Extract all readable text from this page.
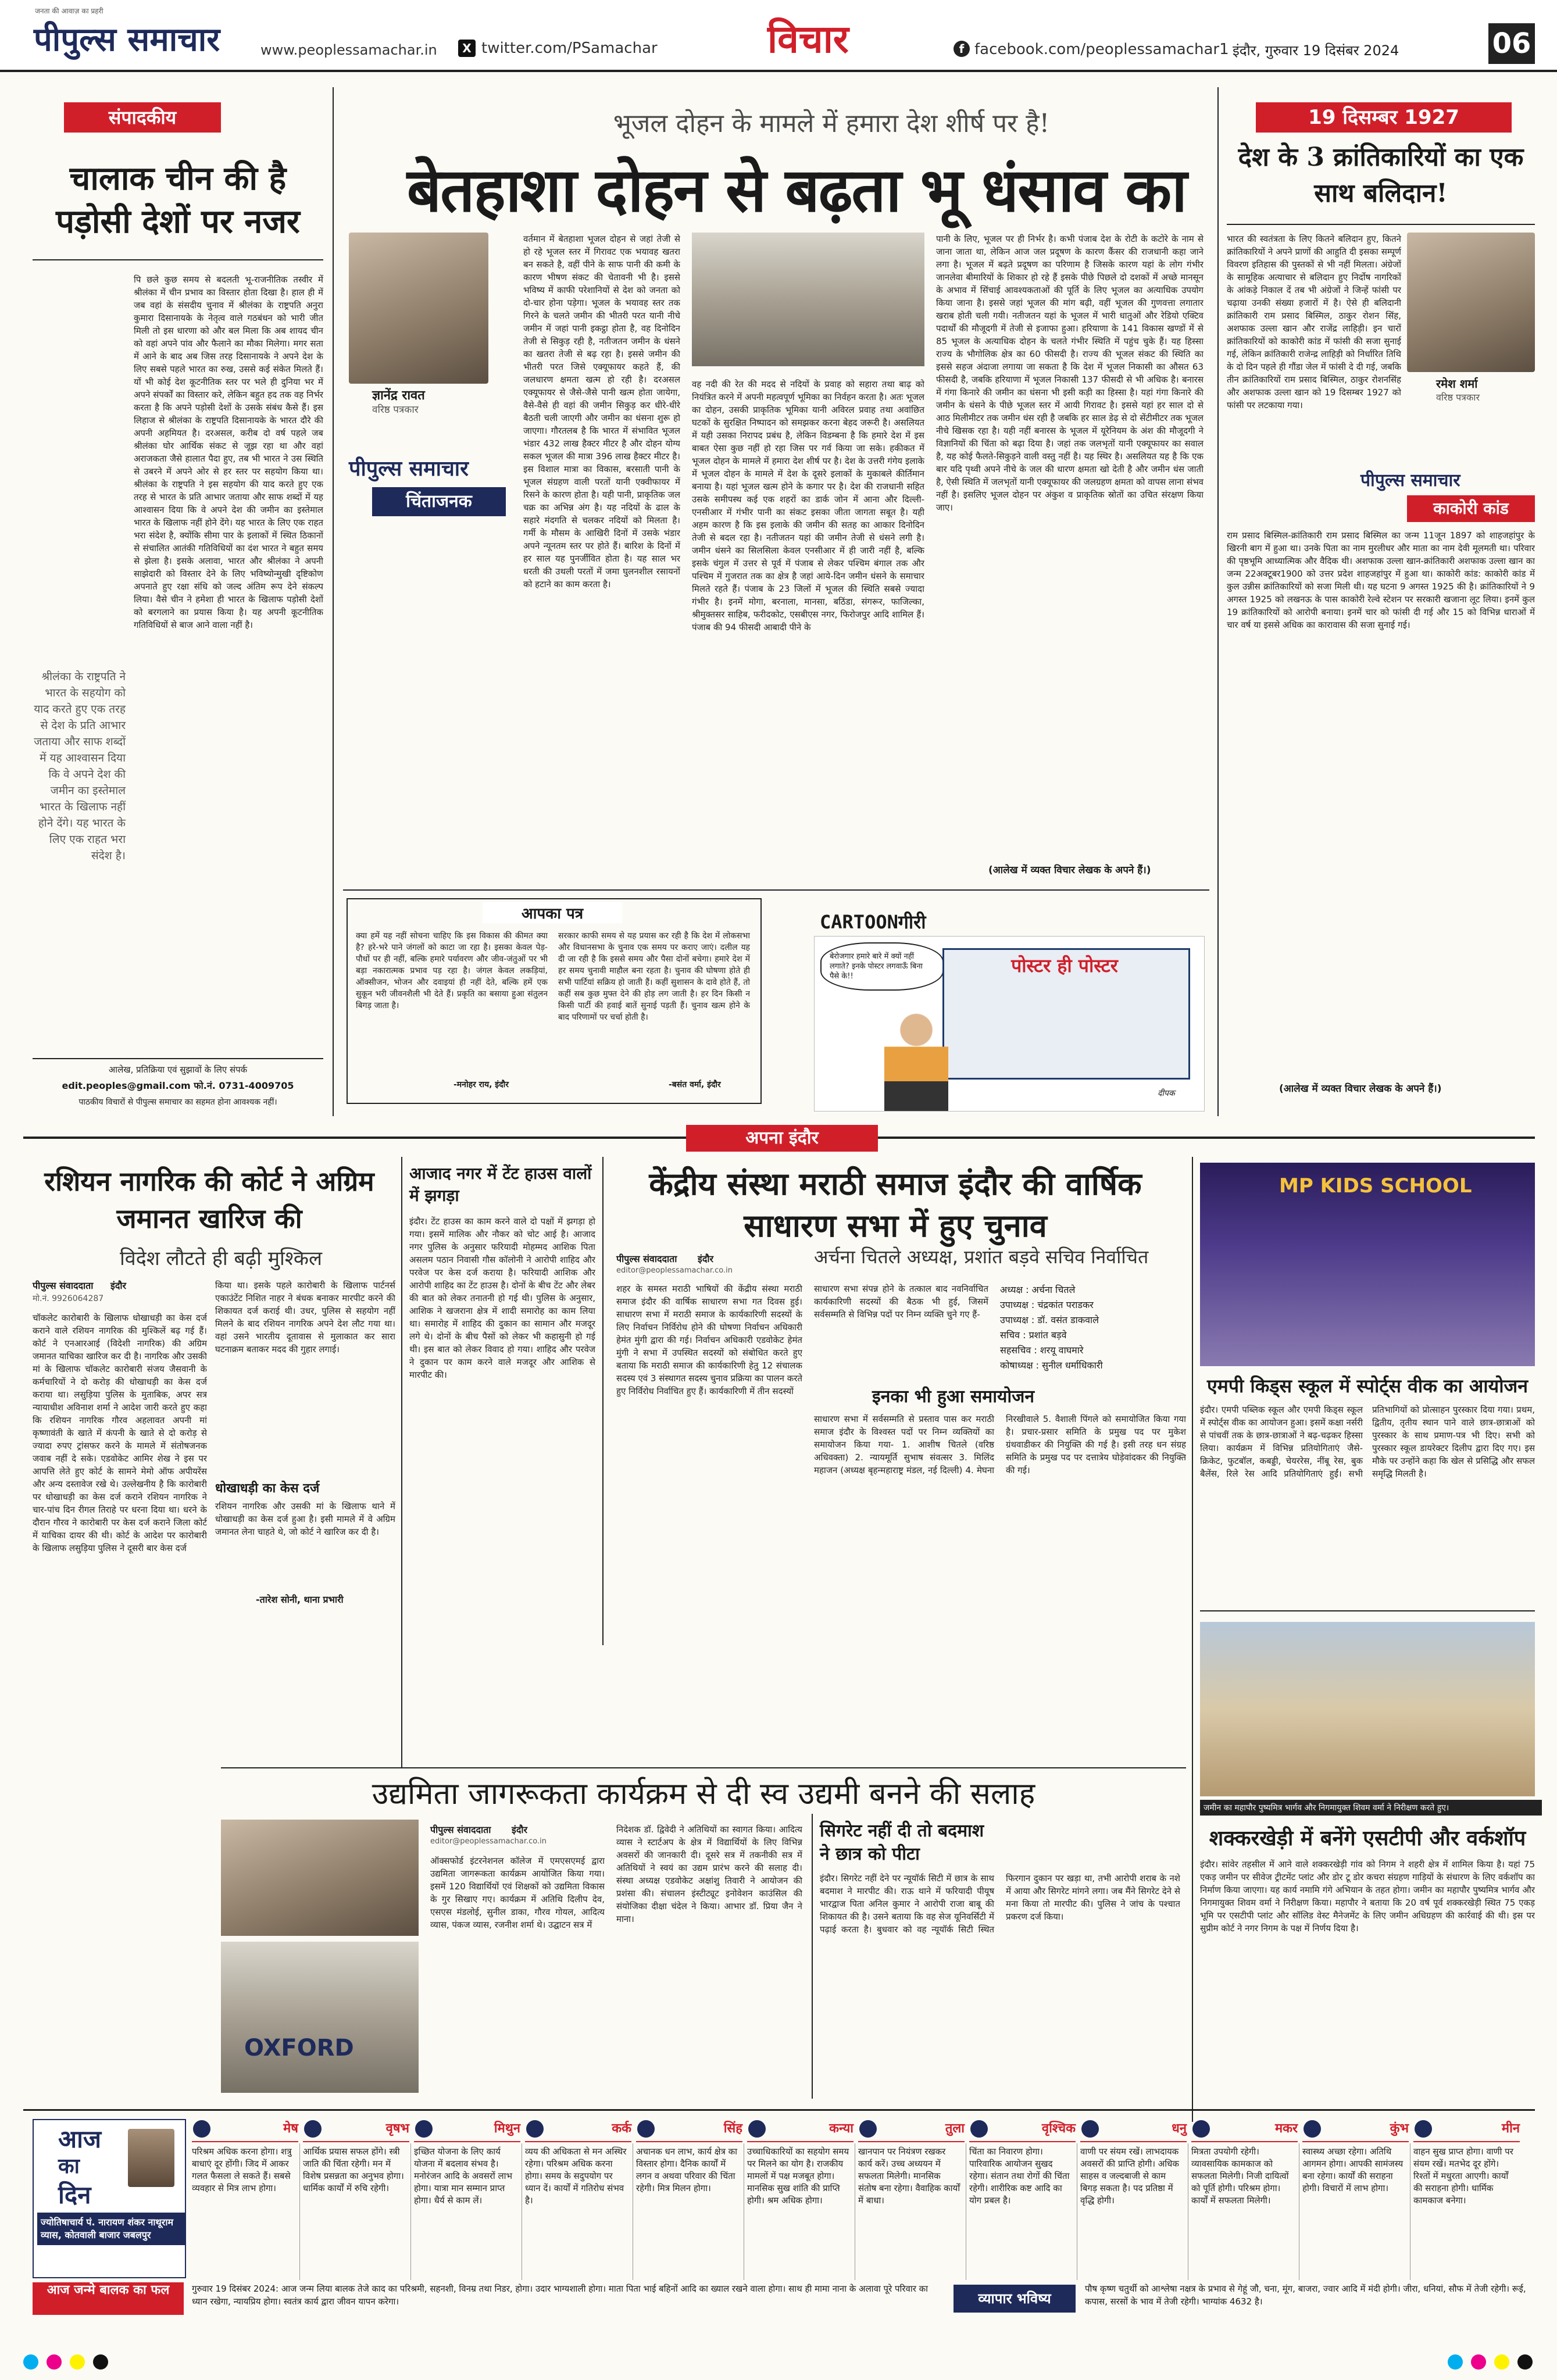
जनता की आवाज़ का प्रहरी
पीपुल्स समाचार	www.peoplessamachar.in	X twitter.com/PSamachar	विचार	f facebook.com/peoplessamachar1 इंदौर, गुरुवार 19 दिसंबर 2024	06
संपादकीय
चालाक चीन की है पड़ोसी देशों पर नजर
पि छले कुछ समय से बदलती भू-राजनीतिक तस्वीर में श्रीलंका में चीन प्रभाव का विस्तार होता दिखा है। हाल ही में जब वहां के संसदीय चुनाव में श्रीलंका के राष्ट्रपति अनुरा कुमारा दिसानायके के नेतृत्व वाले गठबंधन को भारी जीत मिली तो इस धारणा को और बल मिला कि अब शायद चीन को वहां अपने पांव और फैलाने का मौका मिलेगा। मगर सता में आने के बाद अब जिस तरह दिसानायके ने अपने देश के लिए सबसे पहले भारत का रुख, उससे कई संकेत मिलते हैं। यों भी कोई देश कूटनीतिक स्तर पर भले ही दुनिया भर में अपने संपर्कों का विस्तार करे, लेकिन बहुत हद तक वह निर्भर करता है कि अपने पड़ोसी देशों के उसके संबंध कैसे हैं। इस लिहाज से श्रीलंका के राष्ट्रपति दिसानायके के भारत दौरे की अपनी अहमियत है। दरअसल, करीब दो वर्ष पहले जब श्रीलंका घोर आर्थिक संकट से जूझ रहा था और वहां अराजकता जैसे हालात पैदा हुए, तब भी भारत ने उस स्थिति से उबरने में अपने ओर से हर स्तर पर सहयोग किया था। श्रीलंका के राष्ट्रपति ने इस सहयोग की याद करते हुए एक तरह से भारत के प्रति आभार जताया और साफ शब्दों में यह आश्वासन दिया कि वे अपने देश की जमीन का इस्तेमाल भारत के खिलाफ नहीं होने देंगे। यह भारत के लिए एक राहत भरा संदेश है, क्योंकि सीमा पार के इलाकों में स्थित ठिकानों से संचालित आतंकी गतिविधियों का दंश भारत ने बहुत समय से झेला है। इसके अलावा, भारत और श्रीलंका ने अपनी साझेदारी को विस्तार देने के लिए भविष्योन्मुखी दृष्टिकोण अपनाते हुए रक्षा संधि को जल्द अंतिम रूप देने संकल्प लिया। वैसे चीन ने हमेशा ही भारत के खिलाफ पड़ोसी देशों को बरगलाने का प्रयास किया है। यह अपनी कूटनीतिक गतिविधियों से बाज आने वाला नहीं है।
श्रीलंका के राष्ट्रपति ने भारत के सहयोग को याद करते हुए एक तरह से देश के प्रति आभार जताया और साफ शब्दों में यह आश्वासन दिया कि वे अपने देश की जमीन का इस्तेमाल भारत के खिलाफ नहीं होने देंगे। यह भारत के लिए एक राहत भरा संदेश है।
आलेख, प्रतिक्रिया एवं सुझावों के लिए संपर्क
edit.peoples@gmail.com फो.नं. 0731-4009705
पाठकीय विचारों से पीपुल्स समाचार का सहमत होना आवश्यक नहीं।
भूजल दोहन के मामले में हमारा देश शीर्ष पर है!
बेतहाशा दोहन से बढ़ता भू धंसाव का
ज्ञानेंद्र रावत
वरिष्ठ पत्रकार
पीपुल्स समाचार
चिंताजनक
वर्तमान में बेतहाशा भूजल दोहन से जहां तेजी से हो रहे भूजल स्तर में गिरावट एक भयावह खतरा बन सकते है, वहीं पीने के साफ पानी की कमी के कारण भीषण संकट की चेतावनी भी है। इससे भविष्य में काफी परेशानियों से देश को जनता को दो-चार होना पड़ेगा। भूजल के भयावह स्तर तक गिरने के चलते जमीन की भीतरी परत यानी नीचे जमीन में जहां पानी इकट्ठा होता है, वह दिनोदिन तेजी से सिकुड़ रही है, नतीजतन जमीन के धंसने का खतरा तेजी से बढ़ रहा है। इससे जमीन की भीतरी परत जिसे एक्यूफायर कहते हैं, की जलधारण क्षमता खत्म हो रही है। दरअसल एक्यूफायर से जैसे-जैसे पानी खत्म होता जायेगा, वैसे-वैसे ही वहां की जमीन सिकुड़ कर धीरे-धीरे बैठती चली जाएगी और जमीन का धंसना शुरू हो जाएगा। गौरतलब है कि भारत में संभावित भूजल भंडार 432 लाख हैक्टर मीटर है और दोहन योग्य सकल भूजल की मात्रा 396 लाख हैक्टर मीटर है। इस विशाल मात्रा का विकास, बरसाती पानी के भूजल संग्रहण वाली परतों यानी एक्वीफायर में रिसने के कारण होता है। यही पानी, प्राकृतिक जल चक्र का अभिन्न अंग है। यह नदियों के ढाल के सहारे मंदगति से चलकर नदियों को मिलता है। गर्मी के मौसम के आखिरी दिनों में उसके भंडार अपने न्यूनतम स्तर पर होते हैं। बारिश के दिनों में हर साल यह पुनर्जीवित होता है। यह साल भर धरती की उथली परतों में जमा घुलनशील रसायनों को हटाने का काम करता है।
वह नदी की रेत की मदद से नदियों के प्रवाह को सहारा तथा बाढ़ को नियंत्रित करने में अपनी महत्वपूर्ण भूमिका का निर्वहन करता है। अतः भूजल का दोहन, उसकी प्राकृतिक भूमिका यानी अविरल प्रवाह तथा अवांछित घटकों के सुरक्षित निष्पादन को समझकर करना बेहद जरूरी है। असलियत में यही उसका निरापद प्रबंध है, लेकिन विडम्बना है कि हमारे देश में इस बाबत ऐसा कुछ नहीं हो रहा जिस पर गर्व किया जा सके। हकीकत में भूजल दोहन के मामले में हमारा देश शीर्ष पर है। देश के उत्तरी गंगेय इलाके में भूजल दोहन के मामले में देश के दूसरे इलाकों के मुकाबले कीर्तिमान बनाया है। यहां भूजल खत्म होने के कगार पर है। देश की राजधानी सहित उसके समीपस्थ कई एक शहरों का डार्क जोन में आना और दिल्ली-एनसीआर में गंभीर पानी का संकट इसका जीता जागता सबूत है। यही अहम कारण है कि इस इलाके की जमीन की सतह का आकार दिनोदिन तेजी से बदल रहा है। नतीजतन यहां की जमीन तेजी से धंसने लगी है। जमीन धंसने का सिलसिला केवल एनसीआर में ही जारी नहीं है, बल्कि इसके चंगुल में उत्तर से पूर्व में पंजाब से लेकर पश्चिम बंगाल तक और पश्चिम में गुजरात तक का क्षेत्र है जहां आये-दिन जमीन धंसने के समाचार मिलते रहते हैं। पंजाब के 23 जिलों में भूजल की स्थिति सबसे ज्यादा गंभीर है। इनमें मोगा, बरनाला, मानसा, बठिंडा, संगरूर, फाजिल्का, श्रीमुक्तसर साहिब, फरीदकोट, एसबीएस नगर, फिरोजपुर आदि शामिल हैं। पंजाब की 94 फीसदी आबादी पीने के
पानी के लिए, भूजल पर ही निर्भर है। कभी पंजाब देश के रोटी के कटोरे के नाम से जाना जाता था, लेकिन आज जल प्रदूषण के कारण कैंसर की राजधानी कहा जाने लगा है। भूजल में बढ़ते प्रदूषण का परिणाम है जिसके कारण यहां के लोग गंभीर जानलेवा बीमारियों के शिकार हो रहे हैं इसके पीछे पिछले दो दशकों में अच्छे मानसून के अभाव में सिंचाई आवश्यकताओं की पूर्ति के लिए भूजल का अत्याधिक उपयोग किया जाना है। इससे जहां भूजल की मांग बढ़ी, वहीं भूजल की गुणवत्ता लगातार खराब होती चली गयी। नतीजतन यहां के भूजल में भारी धातुओं और रेडियो एक्टिव पदार्थों की मौजूदगी में तेजी से इजाफा हुआ। हरियाणा के 141 विकास खण्डों में से 85 भूजल के अत्याधिक दोहन के चलते गंभीर स्थिति में पहुंच चुके हैं। यह हिस्सा राज्य के भौगोलिक क्षेत्र का 60 फीसदी है। राज्य की भूजल संकट की स्थिति का इससे सहज अंदाजा लगाया जा सकता है कि देश में भूजल निकासी का औसत 63 फीसदी है, जबकि हरियाणा में भूजल निकासी 137 फीसदी से भी अधिक है। बनारस में गंगा किनारे की जमीन का धंसना भी इसी कड़ी का हिस्सा है। यहां गंगा किनारे की जमीन के धंसने के पीछे भूजल स्तर में आयी गिरावट है। इससे यहां हर साल दो से आठ मिलीमीटर तक जमीन धंस रही है जबकि हर साल डेढ़ से दो सेंटीमीटर तक भूजल नीचे खिसक रहा है। यही नहीं बनारस के भूजल में यूरेनियम के अंश की मौजूदगी ने विज्ञानियों की चिंता को बढ़ा दिया है। जहां तक जलभृतों यानी एक्यूफायर का सवाल है, यह कोई फैलते-सिकुड़ने वाली वस्तु नहीं है। यह स्थिर है। असलियत यह है कि एक बार यदि पृथ्वी अपने नीचे के जल की धारण क्षमता खो देती है और जमीन धंस जाती है, ऐसी स्थिति में जलभृतों यानी एक्यूफायर की जलग्रहण क्षमता को वापस लाना संभव नहीं है। इसलिए भूजल दोहन पर अंकुश व प्राकृतिक स्रोतों का उचित संरक्षण किया जाए।
(आलेख में व्यक्त विचार लेखक के अपने हैं।)
आपका पत्र
क्या हमें यह नहीं सोचना चाहिए कि इस विकास की कीमत क्या है? हरे-भरे पाने जंगलों को काटा जा रहा है। इसका केवल पेड़-पौधों पर ही नहीं, बल्कि हमारे पर्यावरण और जीव-जंतुओं पर भी बड़ा नकारात्मक प्रभाव पड़ रहा है। जंगल केवल लकड़ियां, ऑक्सीजन, भोजन और दवाइयां ही नहीं देते, बल्कि हमें एक सुकून भरी जीवनशैली भी देते हैं। प्रकृति का बसाया हुआ संतुलन बिगड़ जाता है।
-मनोहर राय, इंदौर
सरकार काफी समय से यह प्रयास कर रही है कि देश में लोकसभा और विधानसभा के चुनाव एक समय पर कराए जाएं। दलील यह दी जा रही है कि इससे समय और पैसा दोनों बचेगा। हमारे देश में हर समय चुनावी माहौल बना रहता है। चुनाव की घोषणा होते ही सभी पार्टियां सक्रिय हो जाती हैं। कहीं सुशासन के दावे होते हैं, तो कहीं सब कुछ मुफ्त देने की होड़ लग जाती है। हर दिन किसी न किसी पार्टी की हवाई बातें सुनाई पड़ती हैं। चुनाव खत्म होने के बाद परिणामों पर चर्चा होती है।
-बसंत वर्मा, इंदौर
CARTOONगीरी
बेरोजगार हमारे बारे में क्यों नहीं लगाते? इनके पोस्टर लगवाऊँ बिना पैसे के!!	पोस्टर ही पोस्टर
दीपक
19 दिसम्बर 1927
देश के 3 क्रांतिकारियों का एक साथ बलिदान!
भारत की स्वतंत्रता के लिए कितने बलिदान हुए, कितने क्रांतिकारियों ने अपने प्राणों की आहुति दी इसका सम्पूर्ण विवरण इतिहास की पुस्तकों से भी नहीं मिलता। अंग्रेजों के सामूहिक अत्याचार से बलिदान हुए निर्दोष नागरिकों के आंकड़े निकाल दें तब भी अंग्रेजों ने जिन्हें फांसी पर चढ़ाया उनकी संख्या हजारों में है। ऐसे ही बलिदानी क्रांतिकारी राम प्रसाद बिस्मिल, ठाकुर रोशन सिंह, अशफाक उल्ला खान और राजेंद्र लाहिड़ी। इन चारों क्रांतिकारियों को काकोरी कांड में फांसी की सजा सुनाई गई, लेकिन क्रांतिकारी राजेन्द्र लाहिड़ी को निर्धारित तिथि के दो दिन पहले ही गौंडा जेल में फांसी दे दी गई, जबकि तीन क्रांतिकारियों राम प्रसाद बिस्मिल, ठाकुर रोशनसिंह और अशफाक उल्ला खान को 19 दिसम्बर 1927 को फांसी पर लटकाया गया।
रमेश शर्मा
वरिष्ठ पत्रकार
पीपुल्स समाचार
काकोरी कांड
राम प्रसाद बिस्मिल-क्रांतिकारी राम प्रसाद बिस्मिल का जन्म 11जून 1897 को शाहजहांपुर के खिरनी बाग में हुआ था। उनके पिता का नाम मुरलीधर और माता का नाम देवी मूलमती था। परिवार की पृष्ठभूमि आध्यात्मिक और वैदिक थी। अशफाक उल्ला खान-क्रांतिकारी अशफाक उल्ला खान का जन्म 22अक्टूबर1900 को उत्तर प्रदेश शाहजहांपुर में हुआ था। काकोरी कांड: काकोरी कांड में कुल उन्नीस क्रांतिकारियों को सजा मिली थी। यह घटना 9 अगस्त 1925 की है। क्रांतिकारियों ने 9 अगस्त 1925 को लखनऊ के पास काकोरी रेल्वे स्टेशन पर सरकारी खजाना लूट लिया। इनमें कुल 19 क्रांतिकारियों को आरोपी बनाया। इनमें चार को फांसी दी गई और 15 को विभिन्न धाराओं में चार वर्ष या इससे अधिक का कारावास की सजा सुनाई गई।
(आलेख में व्यक्त विचार लेखक के अपने हैं।)
अपना इंदौर
रशियन नागरिक की कोर्ट ने अग्रिम जमानत खारिज की
विदेश लौटते ही बढ़ी मुश्किल
पीपुल्स संवाददाता इंदौर
मो.नं. 9926064287
चॉकलेट कारोबारी के खिलाफ धोखाधड़ी का केस दर्ज कराने वाले रशियन नागरिक की मुश्किलें बढ़ गई हैं। कोर्ट ने एनआरआई (विदेशी नागरिक) की अग्रिम जमानत याचिका खारिज कर दी है। नागरिक और उसकी मां के खिलाफ चॉकलेट कारोबारी संजय जैसवानी के कर्मचारियों ने दो करोड़ की धोखाधड़ी का केस दर्ज कराया था। लसुड़िया पुलिस के मुताबिक, अपर सत्र न्यायाधीश अविनाश शर्मा ने आदेश जारी करते हुए कहा कि रशियन नागरिक गौरव अहलावत अपनी मां कृष्णावंती के खाते में कंपनी के खाते से दो करोड़ से ज्यादा रुपए ट्रांसफर करने के मामले में संतोषजनक जवाब नहीं दे सके। एडवोकेट आमिर शेख ने इस पर आपत्ति लेते हुए कोर्ट के सामने मेमो ऑफ अपीयरेंस और अन्य दस्तावेज रखे थे। उल्लेखनीय है कि कारोबारी पर धोखाधड़ी का केस दर्ज कराने रशियन नागरिक ने चार-पांच दिन रीगल तिराहे पर धरना दिया था। धरने के दौरान गौरव ने कारोबारी पर केस दर्ज कराने जिला कोर्ट में याचिका दायर की थी। कोर्ट के आदेश पर कारोबारी के खिलाफ लसुड़िया पुलिस ने दूसरी बार केस दर्ज
किया था। इसके पहले कारोबारी के खिलाफ पार्टनर्स एकाउंटेंट निशित नाहर ने बंधक बनाकर मारपीट करने की शिकायत दर्ज कराई थी। उधर, पुलिस से सहयोग नहीं मिलने के बाद रशियन नागरिक अपने देश लौट गया था। वहां उसने भारतीय दूतावास से मुलाकात कर सारा घटनाक्रम बताकर मदद की गुहार लगाई।
धोखाधड़ी का केस दर्ज
रशियन नागरिक और उसकी मां के खिलाफ थाने में धोखाधड़ी का केस दर्ज हुआ है। इसी मामले में वे अग्रिम जमानत लेना चाहते थे, जो कोर्ट ने खारिज कर दी है।
-तारेश सोनी, थाना प्रभारी
आजाद नगर में टेंट हाउस वालों में झगड़ा
इंदौर। टेंट हाउस का काम करने वाले दो पक्षों में झगड़ा हो गया। इसमें मालिक और नौकर को चोट आई है। आजाद नगर पुलिस के अनुसार फरियादी मोहम्मद आशिक पिता असलम पठान निवासी गौस कॉलोनी ने आरोपी शाहिद और परवेज पर केस दर्ज कराया है। फरियादी आशिक और आरोपी शाहिद का टेंट हाउस है। दोनों के बीच टेंट और लेबर की बात को लेकर तनातनी हो गई थी। पुलिस के अनुसार, आशिक ने खजराना क्षेत्र में शादी समारोह का काम लिया था। समारोह में शाहिद की दुकान का सामान और मजदूर लगे थे। दोनों के बीच पैसों को लेकर भी कहासुनी हो गई थी। इस बात को लेकर विवाद हो गया। शाहिद और परवेज ने दुकान पर काम करने वाले मजदूर और आशिक से मारपीट की।
केंद्रीय संस्था मराठी समाज इंदौर की वार्षिक साधारण सभा में हुए चुनाव
पीपुल्स संवाददाता इंदौर
editor@peoplessamachar.co.in
अर्चना चितले अध्यक्ष, प्रशांत बड़वे सचिव निर्वाचित
शहर के समस्त मराठी भाषियों की केंद्रीय संस्था मराठी समाज इंदौर की वार्षिक साधारण सभा गत दिवस हुई। साधारण सभा में मराठी समाज के कार्यकारिणी सदस्यों के लिए निर्वाचन निर्विरोध होने की घोषणा निर्वाचन अधिकारी हेमंत मुंगी द्वारा की गई। निर्वाचन अधिकारी एडवोकेट हेमंत मुंगी ने सभा में उपस्थित सदस्यों को संबोधित करते हुए बताया कि मराठी समाज की कार्यकारिणी हेतु 12 संचालक सदस्य एवं 3 संस्थागत सदस्य चुनाव प्रक्रिया का पालन करते हुए निर्विरोध निर्वाचित हुए हैं। कार्यकारिणी में तीन सदस्यों
साधारण सभा संपन्न होने के तत्काल बाद नवनिर्वाचित कार्यकारिणी सदस्यों की बैठक भी हुई, जिसमें सर्वसम्मति से विभिन्न पदों पर निम्न व्यक्ति चुने गए हैं-
अध्यक्ष : अर्चना चितले
उपाध्यक्ष : चंद्रकांत पराडकर
उपाध्यक्ष : डॉ. वसंत डाकवाले
सचिव : प्रशांत बड़वे
सहसचिव : शरयू वाघमारे
कोषाध्यक्ष : सुनील धर्माधिकारी
इनका भी हुआ समायोजन
साधारण सभा में सर्वसम्मति से प्रस्ताव पास कर मराठी समाज इंदौर के विश्वस्त पदों पर निम्न व्यक्तियों का समायोजन किया गया- 1. आशीष चितले (वरिष्ठ अधिवक्ता) 2. न्यायमूर्ति सुभाष संवत्सर 3. मिलिंद महाजन (अध्यक्ष बृहन्महाराष्ट्र मंडल, नई दिल्ली) 4. मेघना निरखीवाले 5. वैशाली पिंगले को समायोजित किया गया है। प्रचार-प्रसार समिति के प्रमुख पद पर मुकेश ग्रंथवाडीकर की नियुक्ति की गई है। इसी तरह धन संग्रह समिति के प्रमुख पद पर दत्तात्रेय घोड़ेवांदकर की नियुक्ति की गई।
MP KIDS SCHOOL
एमपी किड्स स्कूल में स्पोर्ट्स वीक का आयोजन
इंदौर। एमपी पब्लिक स्कूल और एमपी किड्स स्कूल में स्पोर्ट्स वीक का आयोजन हुआ। इसमें कक्षा नर्सरी से पांचवीं तक के छात्र-छात्राओं ने बढ़-चढ़कर हिस्सा लिया। कार्यक्रम में विभिन्न प्रतियोगिताएं जैसे- क्रिकेट, फुटबॉल, कबड्डी, चेयररेस, नींबू रेस, बुक बैलेंस, रिले रेस आदि प्रतियोगिताएं हुईं। सभी प्रतिभागियों को प्रोत्साहन पुरस्कार दिया गया। प्रथम, द्वितीय, तृतीय स्थान पाने वाले छात्र-छात्राओं को पुरस्कार के साथ प्रमाण-पत्र भी दिए। सभी को पुरस्कार स्कूल डायरेक्टर दिलीप द्वारा दिए गए। इस मौके पर उन्होंने कहा कि खेल से प्रसिद्धि और सफल समृद्धि मिलती है।
जमीन का महापौर पुष्यमित्र भार्गव और निगमायुक्त शिवम वर्मा ने निरीक्षण करते हुए।
शक्करखेड़ी में बनेंगे एसटीपी और वर्कशॉप
इंदौर। सांवेर तहसील में आने वाले शक्करखेड़ी गांव को निगम ने शहरी क्षेत्र में शामिल किया है। यहां 75 एकड़ जमीन पर सीवेज ट्रीटमेंट प्लांट और डोर टू डोर कचरा संग्रहण गाड़ियों के संधारण के लिए वर्कशॉप का निर्माण किया जाएगा। यह कार्य नमामि गंगे अभियान के तहत होगा। जमीन का महापौर पुष्यमित्र भार्गव और निगमायुक्त शिवम वर्मा ने निरीक्षण किया। महापौर ने बताया कि 20 वर्ष पूर्व शक्करखेड़ी स्थित 75 एकड़ भूमि पर एसटीपी प्लांट और सॉलिड वेस्ट मैनेजमेंट के लिए जमीन अधिग्रहण की कार्रवाई की थी। इस पर सुप्रीम कोर्ट ने नगर निगम के पक्ष में निर्णय दिया है।
उद्यमिता जागरूकता कार्यक्रम से दी स्व उद्यमी बनने की सलाह
OXFORD
पीपुल्स संवाददाता इंदौर
editor@peoplessamachar.co.in
ऑक्सफोर्ड इंटरनेशनल कॉलेज में एमएसएमई द्वारा उद्यमिता जागरूकता कार्यक्रम आयोजित किया गया। इसमें 120 विद्यार्थियों एवं शिक्षकों को उद्यमिता विकास के गुर सिखाए गए। कार्यक्रम में अतिथि दिलीप देव, एसएस मंडलोई, सुनील डाका, गौरव गोयल, आदित्य व्यास, पंकज व्यास, रजनीश शर्मा थे। उद्घाटन सत्र में
निदेशक डॉ. द्विवेदी ने अतिथियों का स्वागत किया। आदित्य व्यास ने स्टार्टअप के क्षेत्र में विद्यार्थियों के लिए विभिन्न अवसरों की जानकारी दी। दूसरे सत्र में तकनीकी सत्र में अतिथियों ने स्वयं का उद्यम प्रारंभ करने की सलाह दी। संस्था अध्यक्ष एडवोकेट अक्षांशु तिवारी ने आयोजन की प्रशंसा की। संचालन इंस्टीट्यूट इनोवेशन काउंसिल की संयोजिका दीक्षा चंदेल ने किया। आभार डॉ. प्रिया जैन ने माना।
सिगरेट नहीं दी तो बदमाश ने छात्र को पीटा
इंदौर। सिगरेट नहीं देने पर न्यूयॉर्क सिटी में छात्र के साथ बदमाश ने मारपीट की। राऊ थाने में फरियादी पीयूष भारद्वाज पिता अनिल कुमार ने आरोपी राजा बाबू की शिकायत की है। उसने बताया कि वह सेज यूनिवर्सिटी में पढ़ाई करता है। बुधवार को वह न्यूयॉर्क सिटी स्थित फिरगान दुकान पर खड़ा था, तभी आरोपी शराब के नशे में आया और सिगरेट मांगने लगा। जब मैंने सिगरेट देने से मना किया तो मारपीट की। पुलिस ने जांच के पश्चात प्रकरण दर्ज किया।
आज
का
दिन
ज्योतिषाचार्य पं. नारायण शंकर नाथूराम व्यास, कोतवाली बाजार जबलपुर
मेष
परिश्रम अधिक करना होगा। शत्रु बाधाएं दूर होंगी। जिद में आकर गलत फैसला ले सकते हैं। सबसे व्यवहार से मित्र लाभ होगा।
वृषभ
आर्थिक प्रयास सफल होंगे। स्त्री जाति की चिंता रहेगी। मन में विशेष प्रसन्नता का अनुभव होगा। धार्मिक कार्यों में रुचि रहेगी।
मिथुन
इच्छित योजना के लिए कार्य योजना में बदलाव संभव है। मनोरंजन आदि के अवसरों लाभ होगा। यात्रा मान सम्मान प्राप्त होगा। धैर्य से काम लें।
कर्क
व्यय की अधिकता से मन अस्थिर रहेगा। परिश्रम अधिक करना होगा। समय के सदुपयोग पर ध्यान दें। कार्यों में गतिरोध संभव है।
सिंह
अचानक धन लाभ, कार्य क्षेत्र का विस्तार होगा। दैनिक कार्यों में लगन व अथवा परिवार की चिंता रहेगी। मित्र मिलन होगा।
कन्या
उच्चाधिकारियों का सहयोग समय पर मिलने का योग है। राजकीय मामलों में पक्ष मजबूत होगा। मानसिक सुख शांति की प्राप्ति होगी। श्रम अधिक होगा।
तुला
खानपान पर नियंत्रण रखकर कार्य करें। उच्च अध्ययन में सफलता मिलेगी। मानसिक संतोष बना रहेगा। वैवाहिक कार्यों में बाधा।
वृश्चिक
चिंता का निवारण होगा। पारिवारिक आयोजन सुखद रहेगा। संतान तथा रोगों की चिंता रहेगी। शारीरिक कष्ट आदि का योग प्रबल है।
धनु
वाणी पर संयम रखें। लाभदायक अवसरों की प्राप्ति होगी। अधिक साहस व जल्दबाजी से काम बिगड़ सकता है। पद प्रतिष्ठा में वृद्धि होगी।
मकर
मित्रता उपयोगी रहेगी। व्यावसायिक कामकाज को सफलता मिलेगी। निजी दायित्वों को पूर्ति होगी। परिश्रम होगा। कार्यों में सफलता मिलेगी।
कुंभ
स्वास्थ्य अच्छा रहेगा। अतिथि आगमन होगा। आपकी सामंजस्य बना रहेगा। कार्यों की सराहना होगी। विचारों में लाभ होगा।
मीन
वाहन सुख प्राप्त होगा। वाणी पर संयम रखें। मतभेद दूर होंगे। रिश्तों में मधुरता आएगी। कार्यों की सराहना होगी। धार्मिक कामकाज बनेगा।
आज जन्मे बालक का फल	गुरुवार 19 दिसंबर 2024: आज जन्म लिया बालक तेजे काद का परिश्रमी, सहनशी, विनम्र तथा निडर, होगा। उदार भाग्यशाली होगा। माता पिता भाई बहिनों आदि का ख्याल रखने वाला होगा। साथ ही मामा नाना के अलावा पूरे परिवार का ध्यान रखेगा, न्यायप्रिय होगा। स्वतंत्र कार्य द्वारा जीवन यापन करेगा।	व्यापार भविष्य
पौष कृष्ण चतुर्थी को आश्लेषा नक्षत्र के प्रभाव से गेहूं जौ, चना, मूंग, बाजरा, ज्वार आदि में मंदी होगी। जीरा, धनियां, सौफ में तेजी रहेगी। रूई, कपास, सरसों के भाव में तेजी रहेगी। भाग्यांक 4632 है।
